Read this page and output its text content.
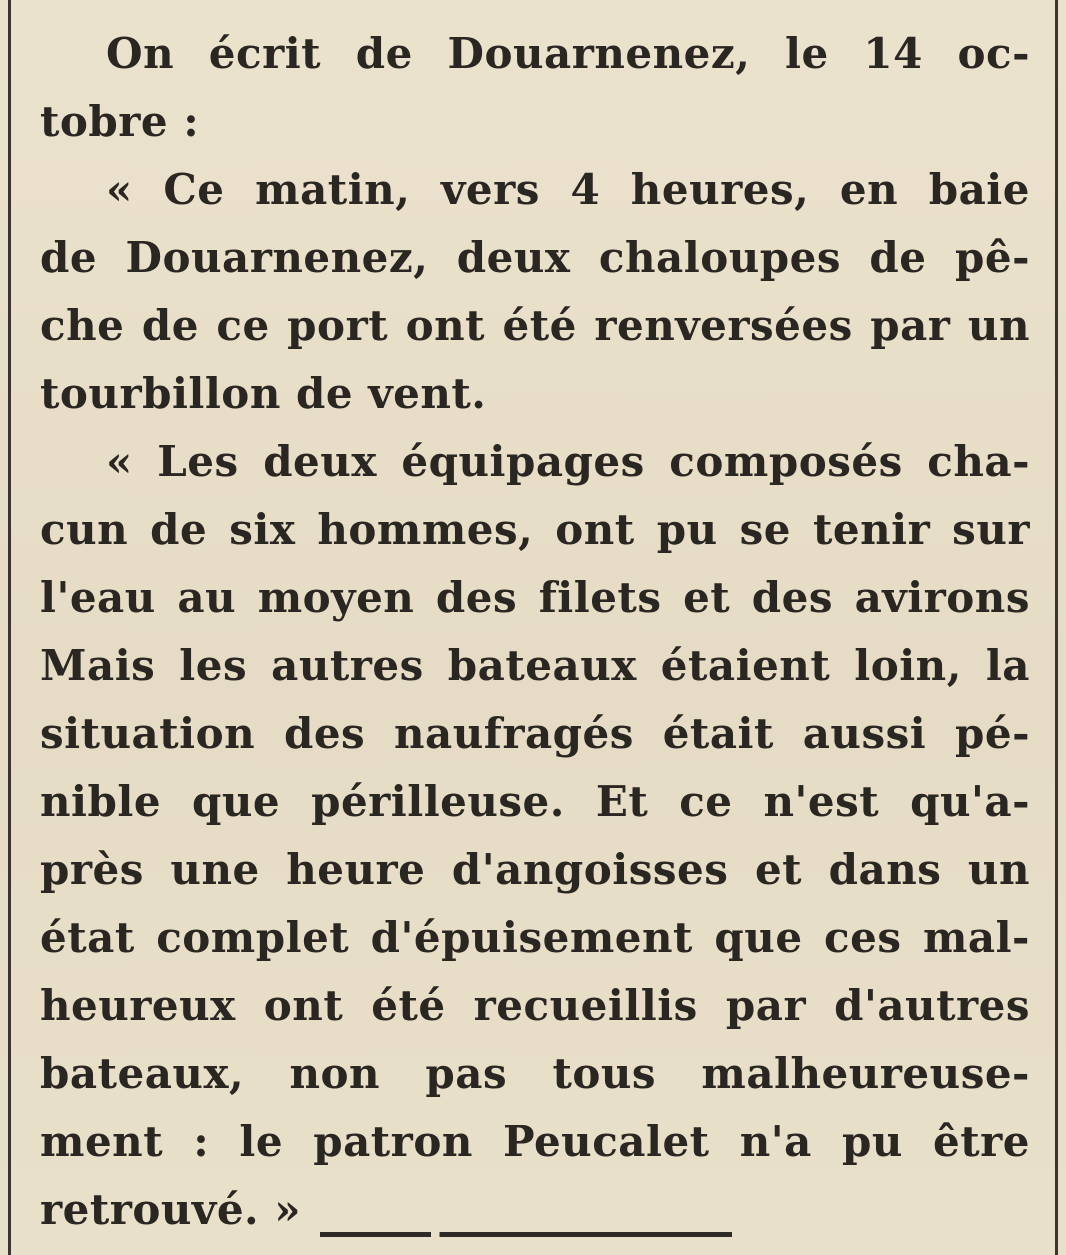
On écrit de Douarnenez, le 14 oc-
tobre :
« Ce matin, vers 4 heures, en baie
de Douarnenez, deux chaloupes de pê-
che de ce port ont été renversées par un
tourbillon de vent.
« Les deux équipages composés cha-
cun de six hommes, ont pu se tenir sur
l'eau au moyen des filets et des avirons
Mais les autres bateaux étaient loin, la
situation des naufragés était aussi pé-
nible que périlleuse. Et ce n'est qu'a-
près une heure d'angoisses et dans un
état complet d'épuisement que ces mal-
heureux ont été recueillis par d'autres
bateaux, non pas tous malheureuse-
ment : le patron Peucalet n'a pu être
retrouvé. »
